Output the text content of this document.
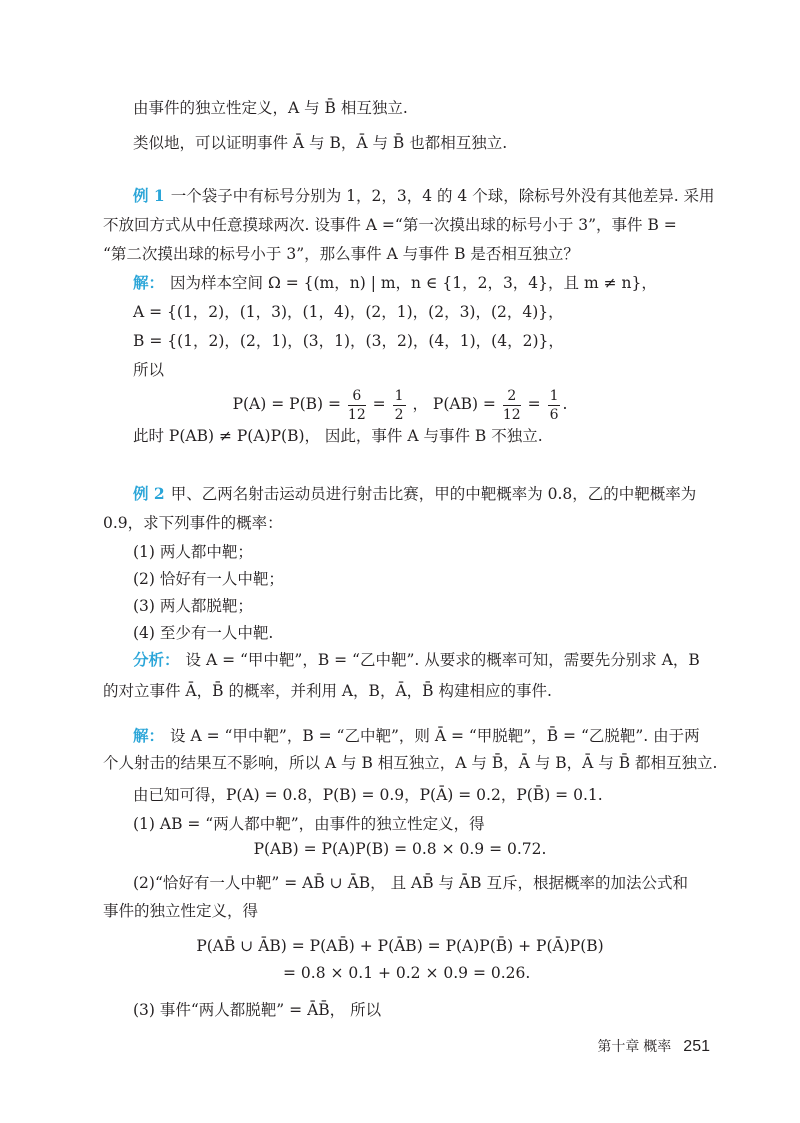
由事件的独立性定义，A 与 B̄ 相互独立.
类似地，可以证明事件 Ā 与 B，Ā 与 B̄ 也都相互独立.
例 1 一个袋子中有标号分别为 1，2，3，4 的 4 个球，除标号外没有其他差异. 采用
不放回方式从中任意摸球两次. 设事件 A =“第一次摸出球的标号小于 3”，事件 B =
“第二次摸出球的标号小于 3”，那么事件 A 与事件 B 是否相互独立？
解： 因为样本空间 Ω = {(m，n) | m，n ∈ {1，2，3，4}，且 m ≠ n}，
A = {(1，2)，(1，3)，(1，4)，(2，1)，(2，3)，(2，4)}，
B = {(1，2)，(2，1)，(3，1)，(3，2)，(4，1)，(4，2)}，
所以
$P(A) = P(B) = \frac{6}{12} = \frac{1}{2}$ ， $P(AB) = \frac{2}{12} = \frac{1}{6}$ .
此时 P(AB) ≠ P(A)P(B)， 因此，事件 A 与事件 B 不独立.
例 2 甲、乙两名射击运动员进行射击比赛，甲的中靶概率为 0.8，乙的中靶概率为
0.9，求下列事件的概率：
(1) 两人都中靶；
(2) 恰好有一人中靶；
(3) 两人都脱靶；
(4) 至少有一人中靶.
分析： 设 A = “甲中靶”，B = “乙中靶”. 从要求的概率可知，需要先分别求 A，B
的对立事件 Ā，B̄ 的概率，并利用 A，B，Ā，B̄ 构建相应的事件.
解： 设 A = “甲中靶”，B = “乙中靶”，则 Ā = “甲脱靶”，B̄ = “乙脱靶”. 由于两
个人射击的结果互不影响，所以 A 与 B 相互独立，A 与 B̄，Ā 与 B，Ā 与 B̄ 都相互独立.
由已知可得，P(A) = 0.8，P(B) = 0.9，P(Ā) = 0.2，P(B̄) = 0.1.
(1) AB = “两人都中靶”，由事件的独立性定义，得
P(AB) = P(A)P(B) = 0.8 × 0.9 = 0.72.
(2)“恰好有一人中靶” = AB̄ ∪ ĀB， 且 AB̄ 与 ĀB 互斥，根据概率的加法公式和
事件的独立性定义，得
P(AB̄ ∪ ĀB) = P(AB̄) + P(ĀB) = P(A)P(B̄) + P(Ā)P(B)
= 0.8 × 0.1 + 0.2 × 0.9 = 0.26.
(3) 事件“两人都脱靶” = ĀB̄， 所以
第十章 概率 251
